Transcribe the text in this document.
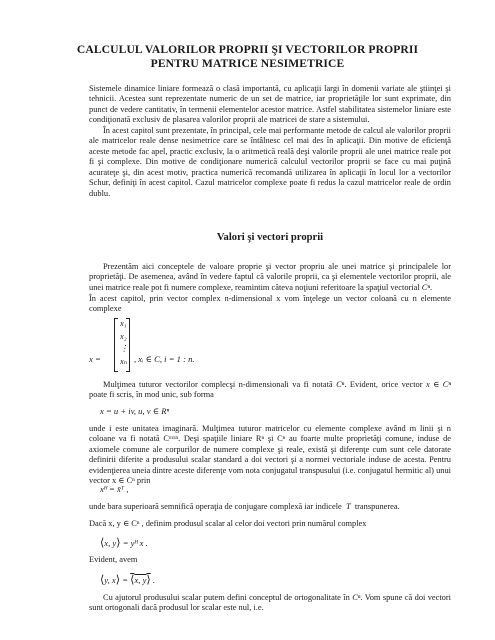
CALCULUL VALORILOR PROPRII ŞI VECTORILOR PROPRII
PENTRU MATRICE NESIMETRICE
Sistemele dinamice liniare formează o clasă importantă, cu aplicaţii largi în domenii variate ale ştiinţei şi tehnicii. Acestea sunt reprezentate numeric de un set de matrice, iar proprietăţile lor sunt exprimate, din punct de vedere cantitativ, în termenii elementelor acestor matrice. Astfel stabilitatea sistemelor liniare este condiţionată exclusiv de plasarea valorilor proprii ale matricei de stare a sistemului.
În acest capitol sunt prezentate, în principal, cele mai performante metode de calcul ale valorilor proprii ale matricelor reale dense nesimetrice care se întâlnesc cel mai des în aplicaţii. Din motive de eficienţă aceste metode fac apel, practic exclusiv, la o aritmetică reală deşi valorile proprii ale unei matrice reale pot fi şi complexe. Din motive de condiţionare numerică calculul vectorilor proprii se face cu mai puţină acurateţe şi, din acest motiv, practica numerică recomandă utilizarea în aplicaţii în locul lor a vectorilor Schur, definiţi în acest capitol. Cazul matricelor complexe poate fi redus la cazul matricelor reale de ordin dublu.
Valori şi vectori proprii
Prezentăm aici conceptele de valoare proprie şi vector propriu ale unei matrice şi principalele lor proprietăţi. De asemenea, având în vedere faptul că valorile proprii, ca şi elementele vectorilor proprii, ale unei matrice reale pot fi numere complexe, reamintim câteva noţiuni referitoare la spaţiul vectorial Cⁿ.
În acest capitol, prin vector complex n-dimensional x vom înţelege un vector coloană cu n elemente complexe
x =
x₁
x₂
⋮
xₙ , xᵢ ∈ C, i = 1 : n.
Mulţimea tuturor vectorilor complecşi n-dimensionali va fi notată Cⁿ. Evident, orice vector x ∈ Cⁿ poate fi scris, în mod unic, sub forma
x = u + iv, u, v ∈ Rⁿ
unde i este unitatea imaginară. Mulţimea tuturor matricelor cu elemente complexe având m linii şi n coloane va fi notată Cᵐˣⁿ. Deşi spaţiile liniare Rⁿ şi Cⁿ au foarte multe proprietăţi comune, induse de axiomele comune ale corpurilor de numere complexe şi reale, există şi diferenţe cum sunt cele datorate definirii diferite a produsului scalar standard a doi vectori şi a normei vectoriale induse de acesta. Pentru evidenţierea uneia dintre aceste diferenţe vom nota conjugatul transpusului (i.e. conjugatul hermitic al) unui vector x ∈ Cⁿ prin
xᴴ = x̄ᵀ ,
unde bara superioară semnifică operaţia de conjugare complexă iar indicele T transpunerea.
Dacă x, y ∈ Cⁿ , definim produsul scalar al celor doi vectori prin numărul complex
⟨x, y⟩ = yᴴ x .
Evident, avem
⟨y, x⟩ = ⟨x, y⟩ .
Cu ajutorul produsului scalar putem defini conceptul de ortogonalitate în Cⁿ. Vom spune că doi vectori sunt ortogonali dacă produsul lor scalar este nul, i.e.
